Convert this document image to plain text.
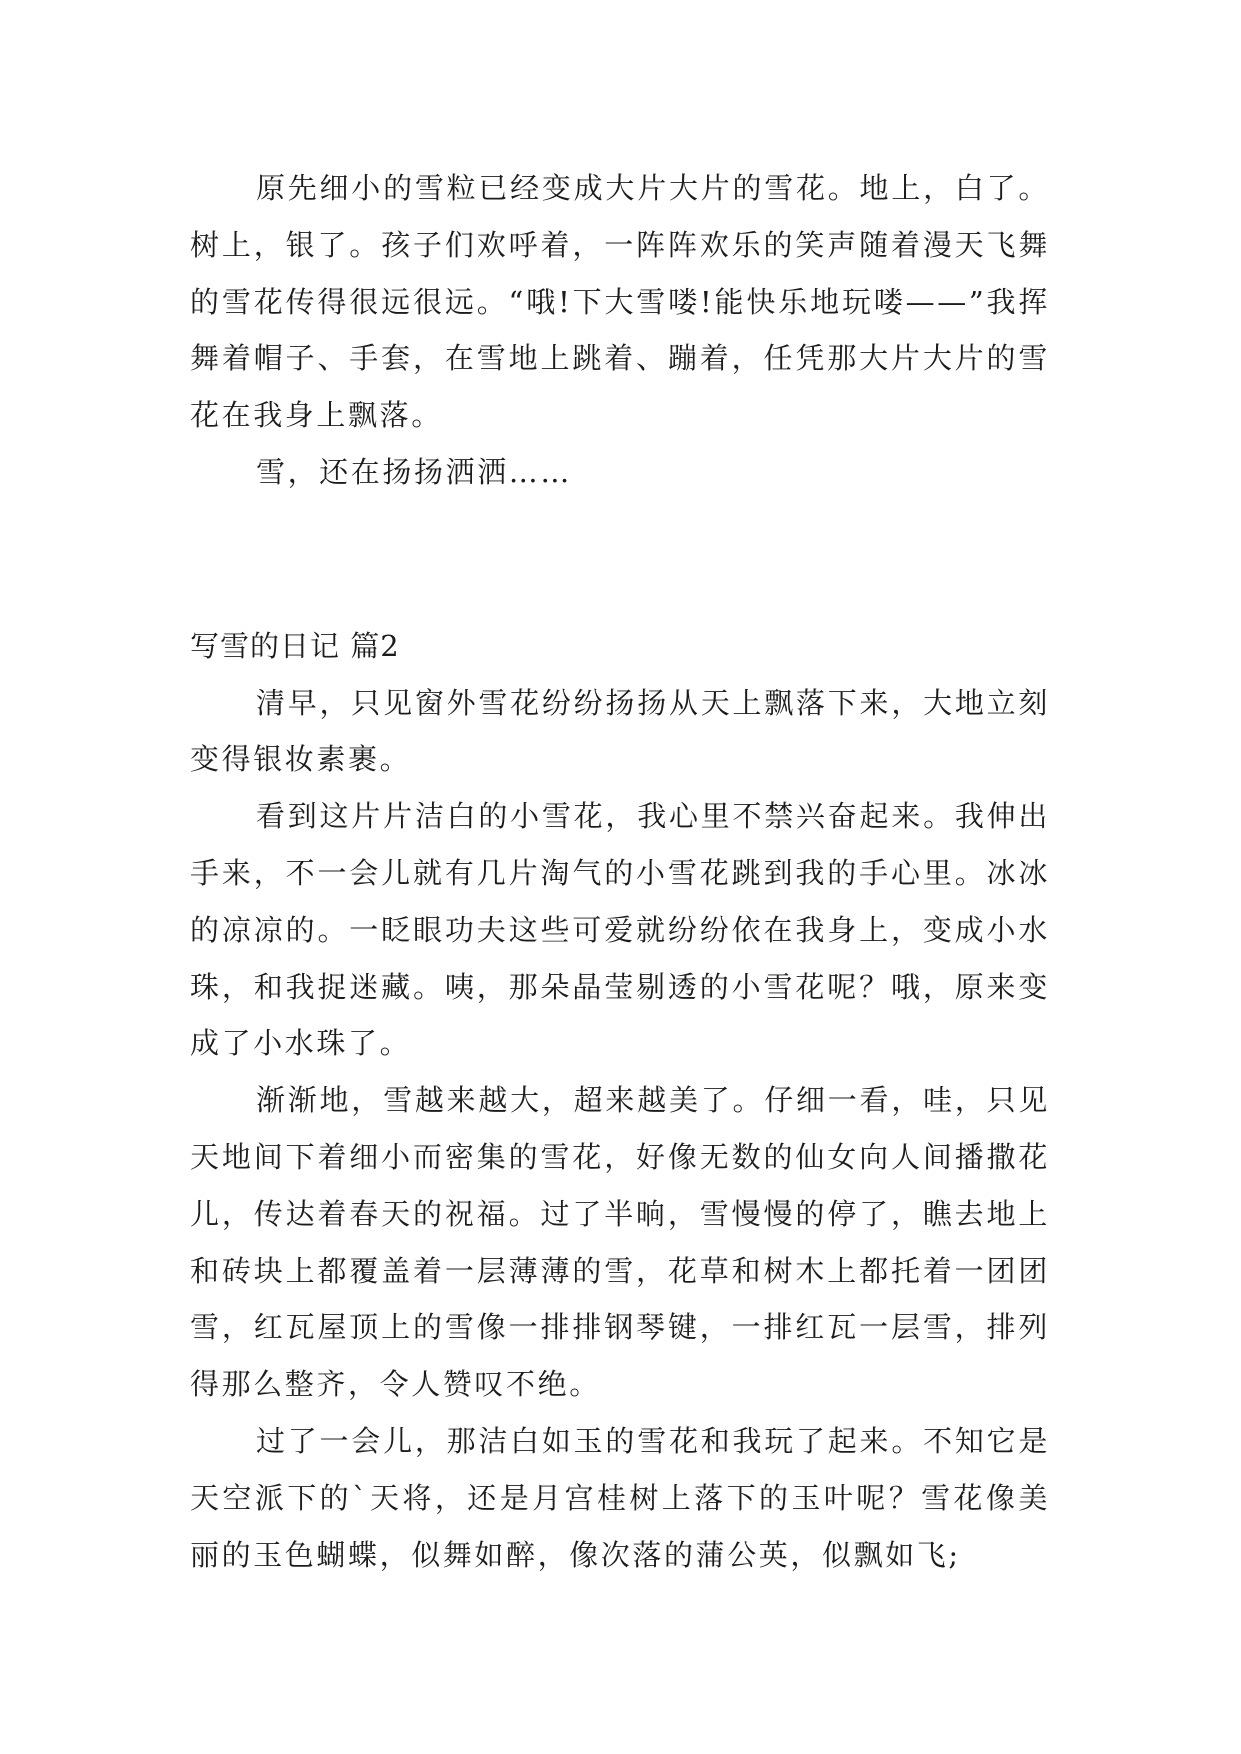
原先细小的雪粒已经变成大片大片的雪花。地上，白了。树上，银了。孩子们欢呼着，一阵阵欢乐的笑声随着漫天飞舞的雪花传得很远很远。“哦!下大雪喽!能快乐地玩喽——”我挥舞着帽子、手套，在雪地上跳着、蹦着，任凭那大片大片的雪花在我身上飘落。

雪，还在扬扬洒洒……

写雪的日记 篇2

清早，只见窗外雪花纷纷扬扬从天上飘落下来，大地立刻变得银妆素裹。

看到这片片洁白的小雪花，我心里不禁兴奋起来。我伸出手来，不一会儿就有几片淘气的小雪花跳到我的手心里。冰冰的凉凉的。一眨眼功夫这些可爱就纷纷依在我身上，变成小水珠，和我捉迷藏。咦，那朵晶莹剔透的小雪花呢？哦，原来变成了小水珠了。

渐渐地，雪越来越大，超来越美了。仔细一看，哇，只见天地间下着细小而密集的雪花，好像无数的仙女向人间播撒花儿，传达着春天的祝福。过了半晌，雪慢慢的停了，瞧去地上和砖块上都覆盖着一层薄薄的雪，花草和树木上都托着一团团雪，红瓦屋顶上的雪像一排排钢琴键，一排红瓦一层雪，排列得那么整齐，令人赞叹不绝。

过了一会儿，那洁白如玉的雪花和我玩了起来。不知它是天空派下的`天将，还是月宫桂树上落下的玉叶呢？雪花像美丽的玉色蝴蝶，似舞如醉，像次落的蒲公英，似飘如飞;
